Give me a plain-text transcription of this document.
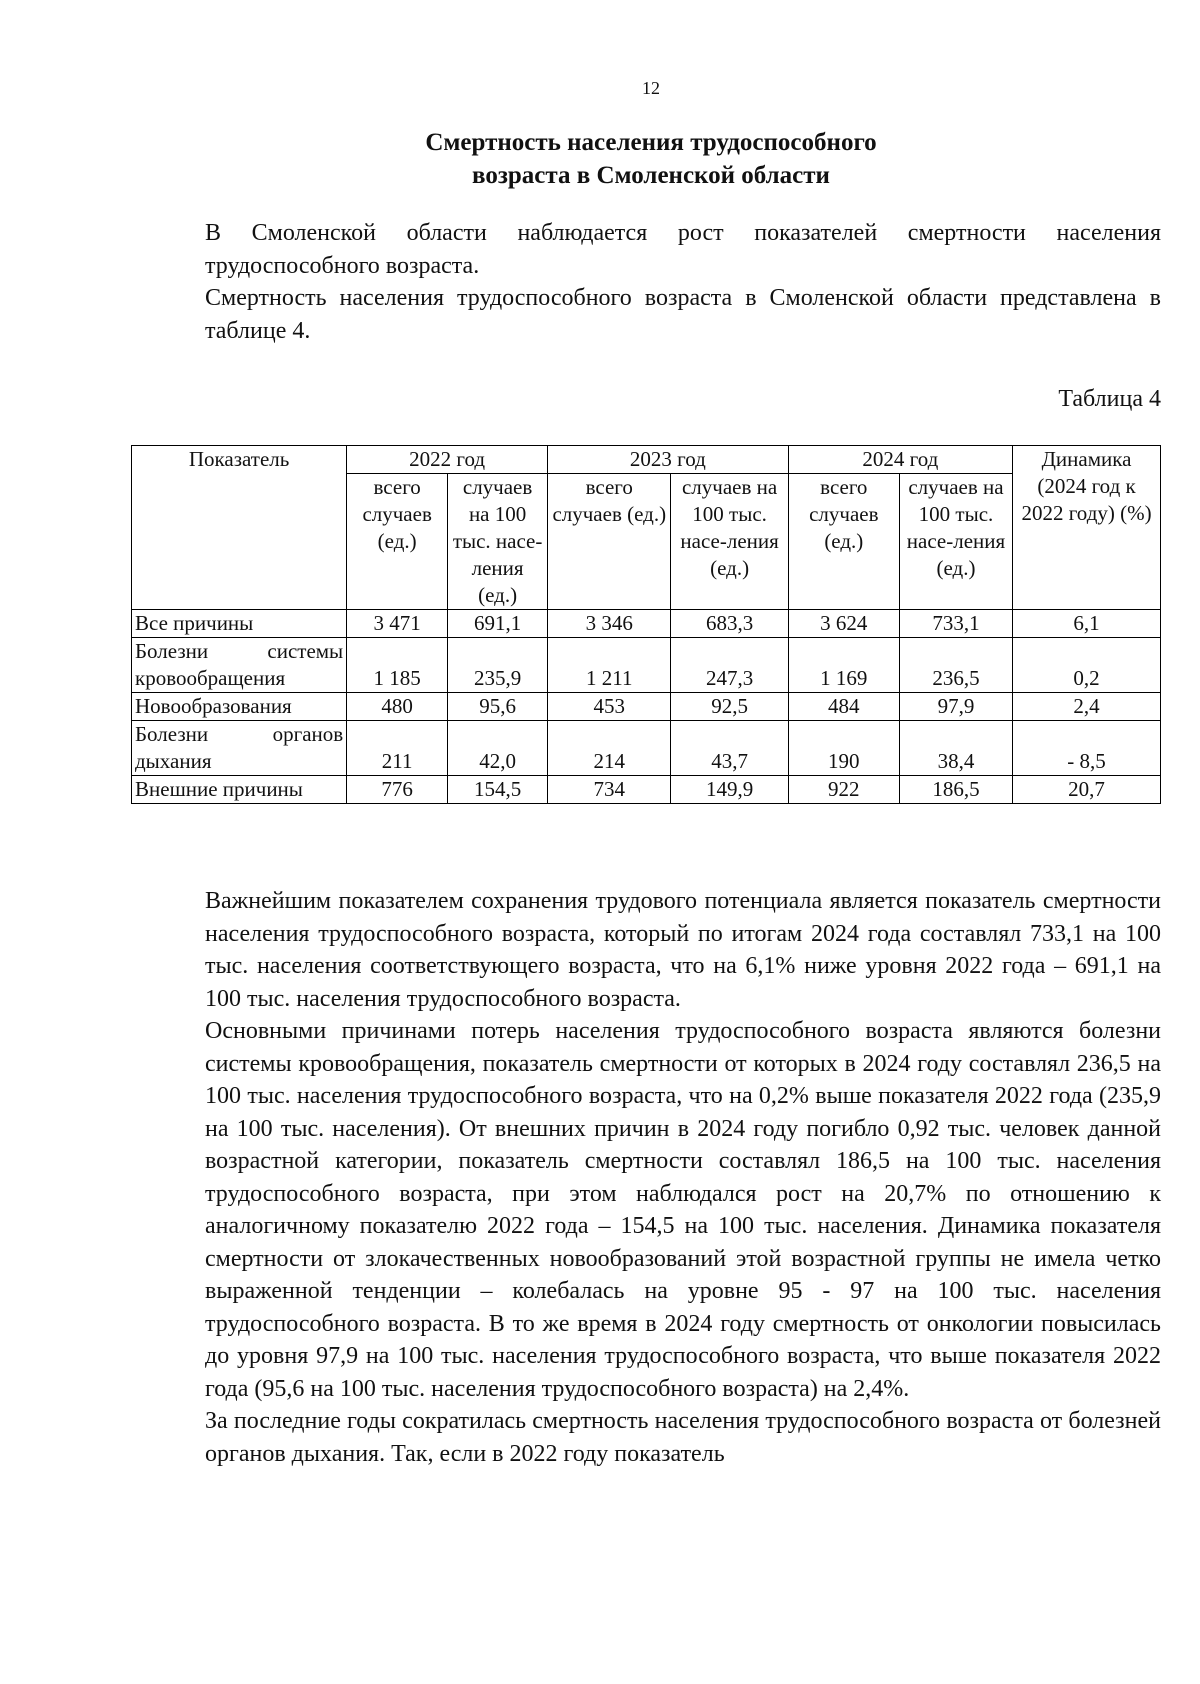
12
Смертность населения трудоспособного
возраста в Смоленской области
В Смоленской области наблюдается рост показателей смертности населения трудоспособного возраста.
Смертность населения трудоспособного возраста в Смоленской области представлена в таблице 4.
Таблица 4
Показатель	2022 год		2023 год		2024 год		Динамика (2024 год к 2022 году) (%)
	всего случаев (ед.)	случаев на 100 тыс. насе-ления (ед.)	всего случаев (ед.)	случаев на 100 тыс. насе-ления (ед.)	всего случаев (ед.)	случаев на 100 тыс. насе-ления (ед.)	
Все причины	3 471	691,1	3 346	683,3	3 624	733,1	6,1
Болезни системы кровообращения	1 185	235,9	1 211	247,3	1 169	236,5	0,2
Новообразования	480	95,6	453	92,5	484	97,9	2,4
Болезни органов дыхания	211	42,0	214	43,7	190	38,4	- 8,5
Внешние причины	776	154,5	734	149,9	922	186,5	20,7
Важнейшим показателем сохранения трудового потенциала является показатель смертности населения трудоспособного возраста, который по итогам 2024 года составлял 733,1 на 100 тыс. населения соответствующего возраста, что на 6,1% ниже уровня 2022 года – 691,1 на 100 тыс. населения трудоспособного возраста.
Основными причинами потерь населения трудоспособного возраста являются болезни системы кровообращения, показатель смертности от которых в 2024 году составлял 236,5 на 100 тыс. населения трудоспособного возраста, что на 0,2% выше показателя 2022 года (235,9 на 100 тыс. населения). От внешних причин в 2024 году погибло 0,92 тыс. человек данной возрастной категории, показатель смертности составлял 186,5 на 100 тыс. населения трудоспособного возраста, при этом наблюдался рост на 20,7% по отношению к аналогичному показателю 2022 года – 154,5 на 100 тыс. населения. Динамика показателя смертности от злокачественных новообразований этой возрастной группы не имела четко выраженной тенденции – колебалась на уровне 95 - 97 на 100 тыс. населения трудоспособного возраста. В то же время в 2024 году смертность от онкологии повысилась до уровня 97,9 на 100 тыс. населения трудоспособного возраста, что выше показателя 2022 года (95,6 на 100 тыс. населения трудоспособного возраста) на 2,4%.
За последние годы сократилась смертность населения трудоспособного возраста от болезней органов дыхания. Так, если в 2022 году показатель
